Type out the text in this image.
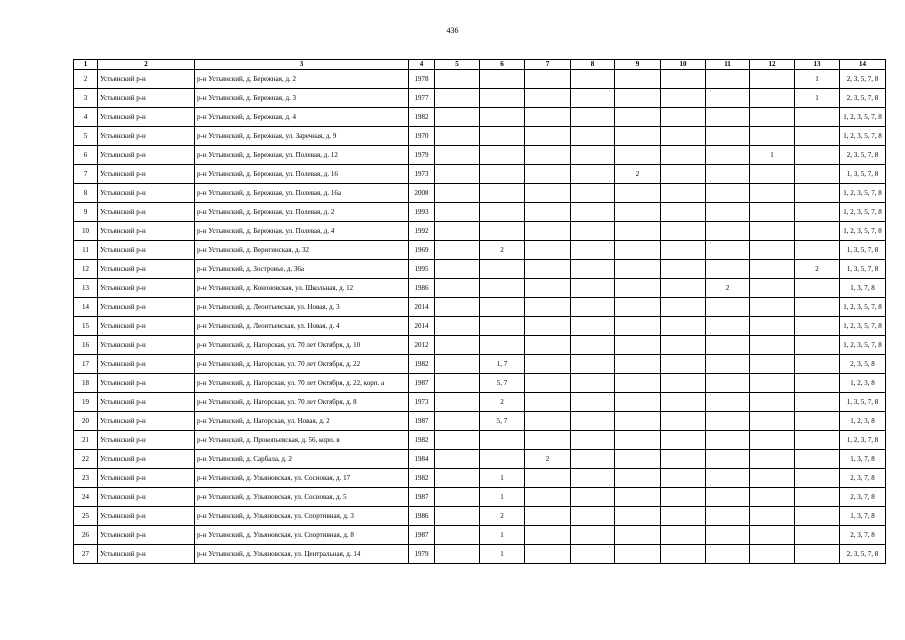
436
1	2	3	4	5	6	7	8	9	10	11	12	13	14
2	Устьянский р-н	р-н Устьянский, д. Бережная, д. 2	1978									1	2, 3, 5, 7, 8
3	Устьянский р-н	р-н Устьянский, д. Бережная, д. 3	1977									1	2, 3, 5, 7, 8
4	Устьянский р-н	р-н Устьянский, д. Бережная, д. 4	1982										1, 2, 3, 5, 7, 8
5	Устьянский р-н	р-н Устьянский, д. Бережная, ул. Заречная, д. 9	1970										1, 2, 3, 5, 7, 8
6	Устьянский р-н	р-н Устьянский, д. Бережная, ул. Полевая, д. 12	1979								1		2, 3, 5, 7, 8
7	Устьянский р-н	р-н Устьянский, д. Бережная, ул. Полевая, д. 16	1973					2					1, 3, 5, 7, 8
8	Устьянский р-н	р-н Устьянский, д. Бережная, ул. Полевая, д. 16а	2008										1, 2, 3, 5, 7, 8
9	Устьянский р-н	р-н Устьянский, д. Бережная, ул. Полевая, д. 2	1993										1, 2, 3, 5, 7, 8
10	Устьянский р-н	р-н Устьянский, д. Бережная, ул. Полевая, д. 4	1992										1, 2, 3, 5, 7, 8
11	Устьянский р-н	р-н Устьянский, д. Веригинская, д. 32	1969		2								1, 3, 5, 7, 8
12	Устьянский р-н	р-н Устьянский, д. Зостровье, д. 36а	1995									2	1, 3, 5, 7, 8
13	Устьянский р-н	р-н Устьянский, д. Кононовская, ул. Школьная, д. 12	1986							2			1, 3, 7, 8
14	Устьянский р-н	р-н Устьянский, д. Леонтьевская, ул. Новая, д. 3	2014										1, 2, 3, 5, 7, 8
15	Устьянский р-н	р-н Устьянский, д. Леонтьевская, ул. Новая, д. 4	2014										1, 2, 3, 5, 7, 8
16	Устьянский р-н	р-н Устьянский, д. Нагорская, ул. 70 лет Октября, д. 10	2012										1, 2, 3, 5, 7, 8
17	Устьянский р-н	р-н Устьянский, д. Нагорская, ул. 70 лет Октября, д. 22	1982		1, 7								2, 3, 5, 8
18	Устьянский р-н	р-н Устьянский, д. Нагорская, ул. 70 лет Октября, д. 22, корп. а	1987		5, 7								1, 2, 3, 8
19	Устьянский р-н	р-н Устьянский, д. Нагорская, ул. 70 лет Октября, д. 8	1973		2								1, 3, 5, 7, 8
20	Устьянский р-н	р-н Устьянский, д. Нагорская, ул. Новая, д. 2	1987		5, 7								1, 2, 3, 8
21	Устьянский р-н	р-н Устьянский, д. Прокопьевская, д. 56, корп. в	1982										1, 2, 3, 7, 8
22	Устьянский р-н	р-н Устьянский, д. Сарбала, д. 2	1984			2							1, 3, 7, 8
23	Устьянский р-н	р-н Устьянский, д. Ульяновская, ул. Сосновая, д. 17	1982		1								2, 3, 7, 8
24	Устьянский р-н	р-н Устьянский, д. Ульяновская, ул. Сосновая, д. 5	1987		1								2, 3, 7, 8
25	Устьянский р-н	р-н Устьянский, д. Ульяновская, ул. Спортивная, д. 3	1986		2								1, 3, 7, 8
26	Устьянский р-н	р-н Устьянский, д. Ульяновская, ул. Спортивная, д. 8	1987		1								2, 3, 7, 8
27	Устьянский р-н	р-н Устьянский, д. Ульяновская, ул. Центральная, д. 14	1979		1								2, 3, 5, 7, 8
